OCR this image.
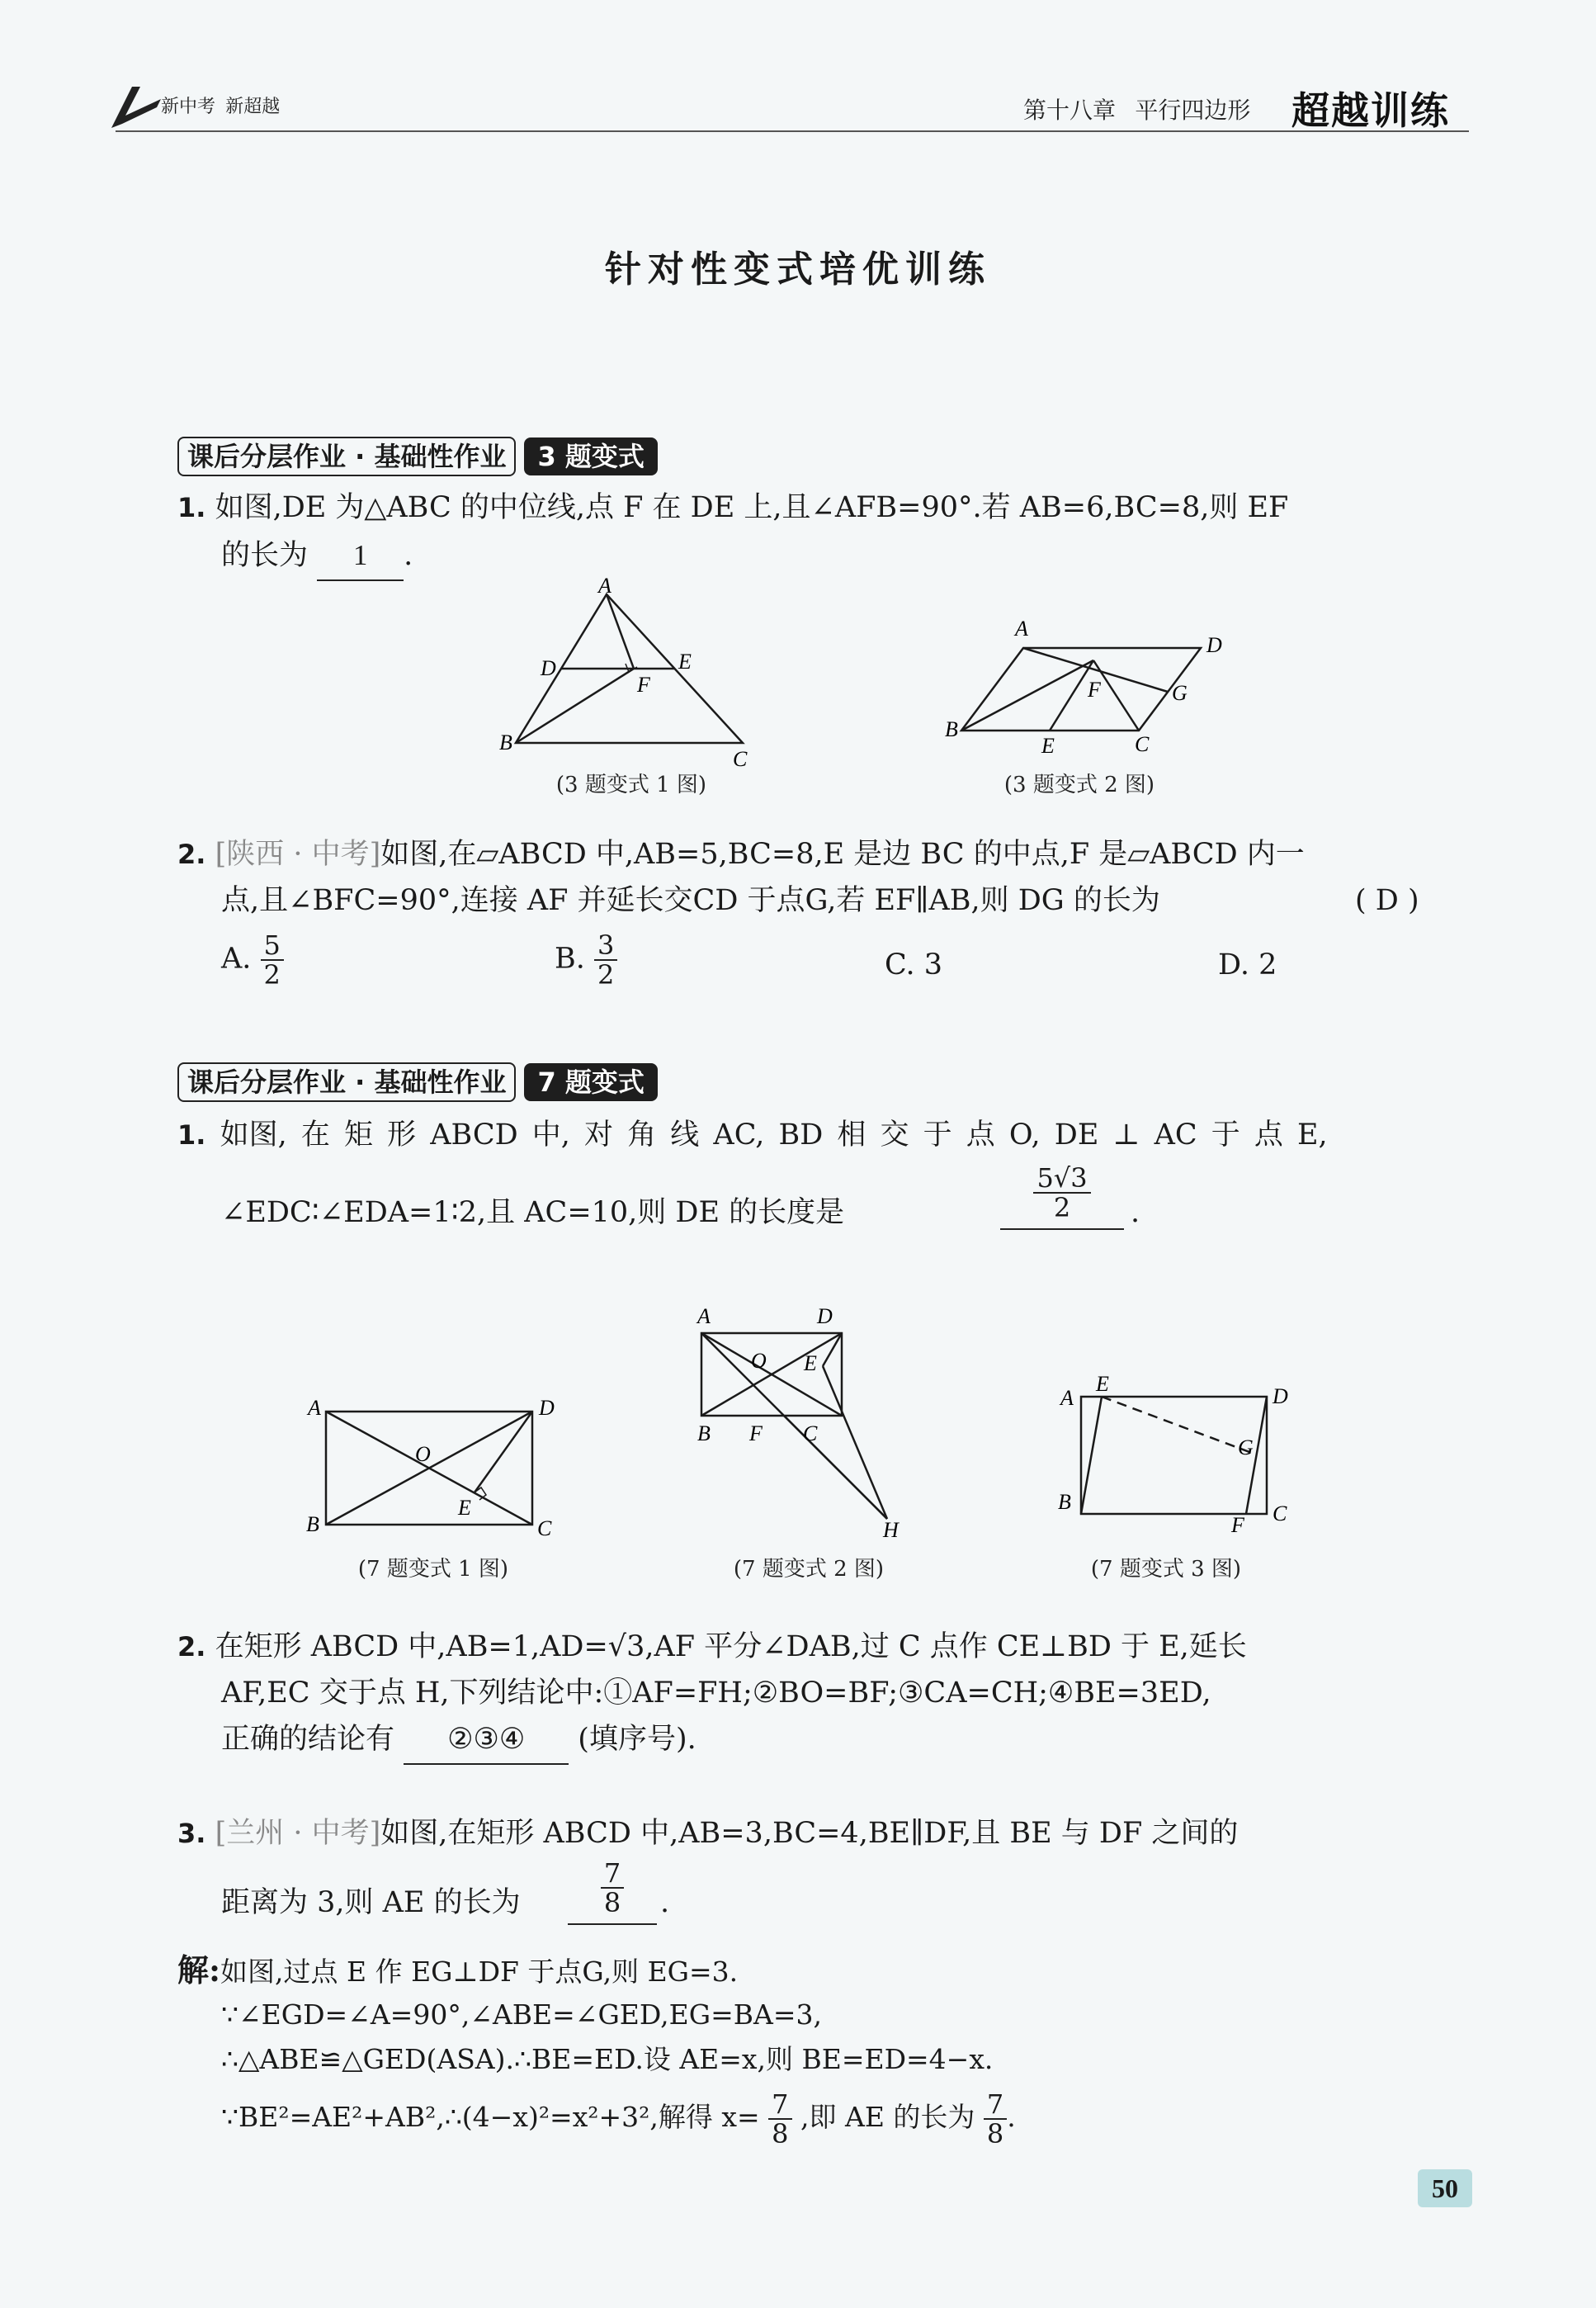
新中考  新超越	第十八章   平行四边形 超越训练
针对性变式培优训练
课后分层作业 · 基础性作业	3 题变式
1. 如图,DE 为△ABC 的中位线,点 F 在 DE 上,且∠AFB=90°.若 AB=6,BC=8,则 EF
的长为 1 .
A
D	E
F
B
C
(3 题变式 1 图)
A
D
F	G
B
E	C
(3 题变式 2 图)
2. [陕西 · 中考]如图,在▱ABCD 中,AB=5,BC=8,E 是边 BC 的中点,F 是▱ABCD 内一
点,且∠BFC=90°,连接 AF 并延长交CD 于点G,若 EF∥AB,则 DG 的长为	( D )
A. $\frac{5}{2}$	B. $\frac{3}{2}$	C. 3	D. 2
课后分层作业 · 基础性作业	7 题变式
1. 如图, 在 矩 形 ABCD 中, 对 角 线 AC, BD 相 交 于 点 O, DE ⊥ AC 于 点 E,
∠EDC∶∠EDA=1∶2,且 AC=10,则 DE 的长度是	$\frac{5√3}{2}$ .
A	D
O
E
B	C
(7 题变式 1 图)
A	D
O E
B F C
H
(7 题变式 2 图)
A
E
D
G
B
F C
(7 题变式 3 图)
2. 在矩形 ABCD 中,AB=1,AD=√3,AF 平分∠DAB,过 C 点作 CE⊥BD 于 E,延长
AF,EC 交于点 H,下列结论中:①AF=FH;②BO=BF;③CA=CH;④BE=3ED,
正确的结论有 ②③④ (填序号).
3. [兰州 · 中考]如图,在矩形 ABCD 中,AB=3,BC=4,BE∥DF,且 BE 与 DF 之间的
距离为 3,则 AE 的长为	$\frac{7}{8}$ .
解:如图,过点 E 作 EG⊥DF 于点G,则 EG=3.
∵∠EGD=∠A=90°,∠ABE=∠GED,EG=BA=3,
∴△ABE≌△GED(ASA).∴BE=ED.设 AE=x,则 BE=ED=4−x.
∵BE²=AE²+AB²,∴(4−x)²=x²+3²,解得 $x= \frac{7}{8}$ ,即 AE 的长为 $\frac{7}{8}$ .
50
